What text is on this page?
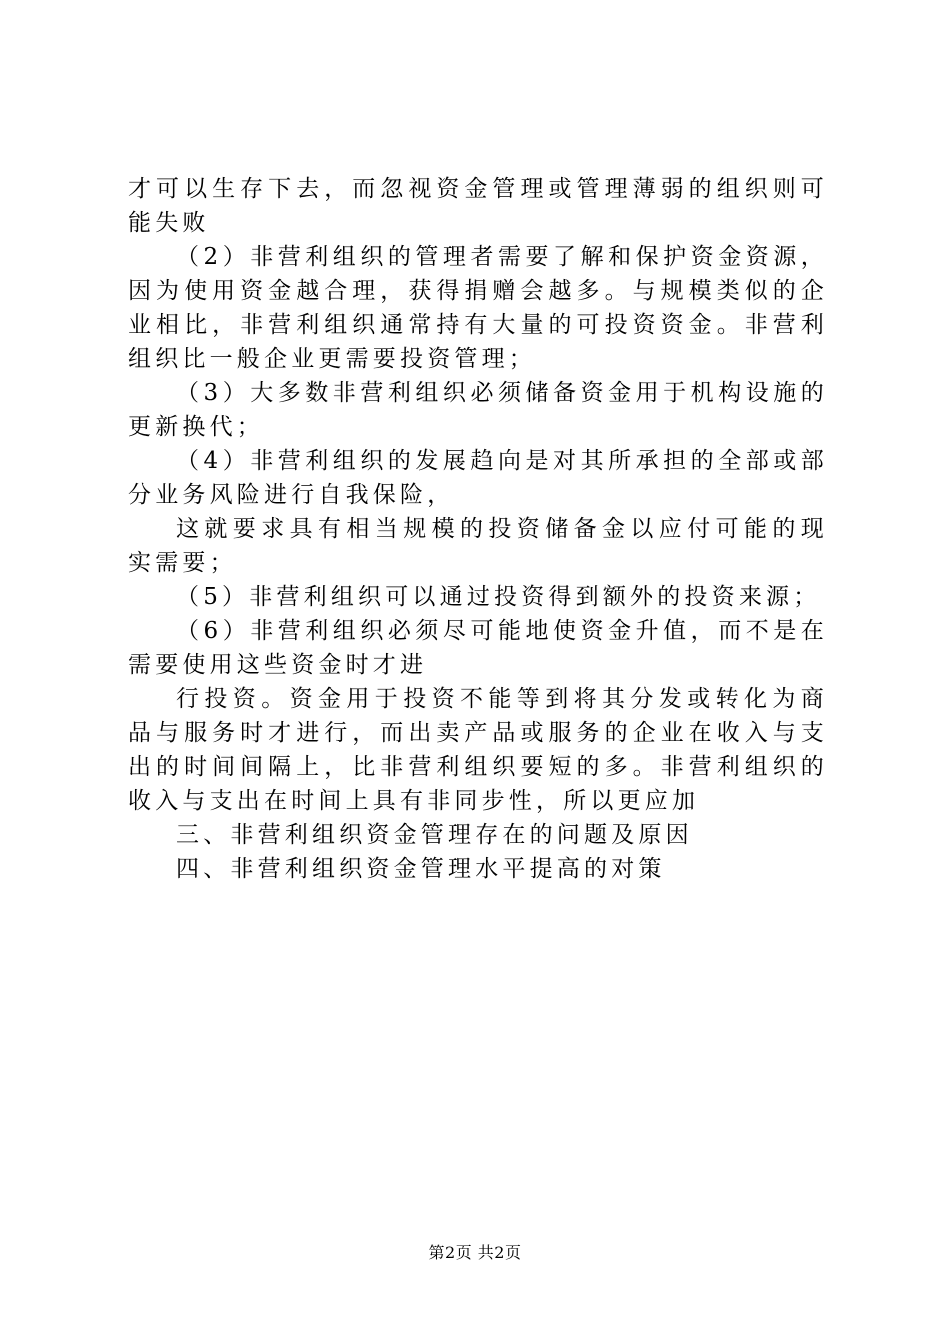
才可以生存下去，而忽视资金管理或管理薄弱的组织则可能失败

（2）非营利组织的管理者需要了解和保护资金资源，因为使用资金越合理，获得捐赠会越多。与规模类似的企业相比，非营利组织通常持有大量的可投资资金。非营利组织比一般企业更需要投资管理；

（3）大多数非营利组织必须储备资金用于机构设施的更新换代；

（4）非营利组织的发展趋向是对其所承担的全部或部分业务风险进行自我保险，

这就要求具有相当规模的投资储备金以应付可能的现实需要；

（5）非营利组织可以通过投资得到额外的投资来源；

（6）非营利组织必须尽可能地使资金升值，而不是在需要使用这些资金时才进

行投资。资金用于投资不能等到将其分发或转化为商品与服务时才进行，而出卖产品或服务的企业在收入与支出的时间间隔上，比非营利组织要短的多。非营利组织的收入与支出在时间上具有非同步性，所以更应加

三、非营利组织资金管理存在的问题及原因

四、非营利组织资金管理水平提高的对策

第2页 共2页
